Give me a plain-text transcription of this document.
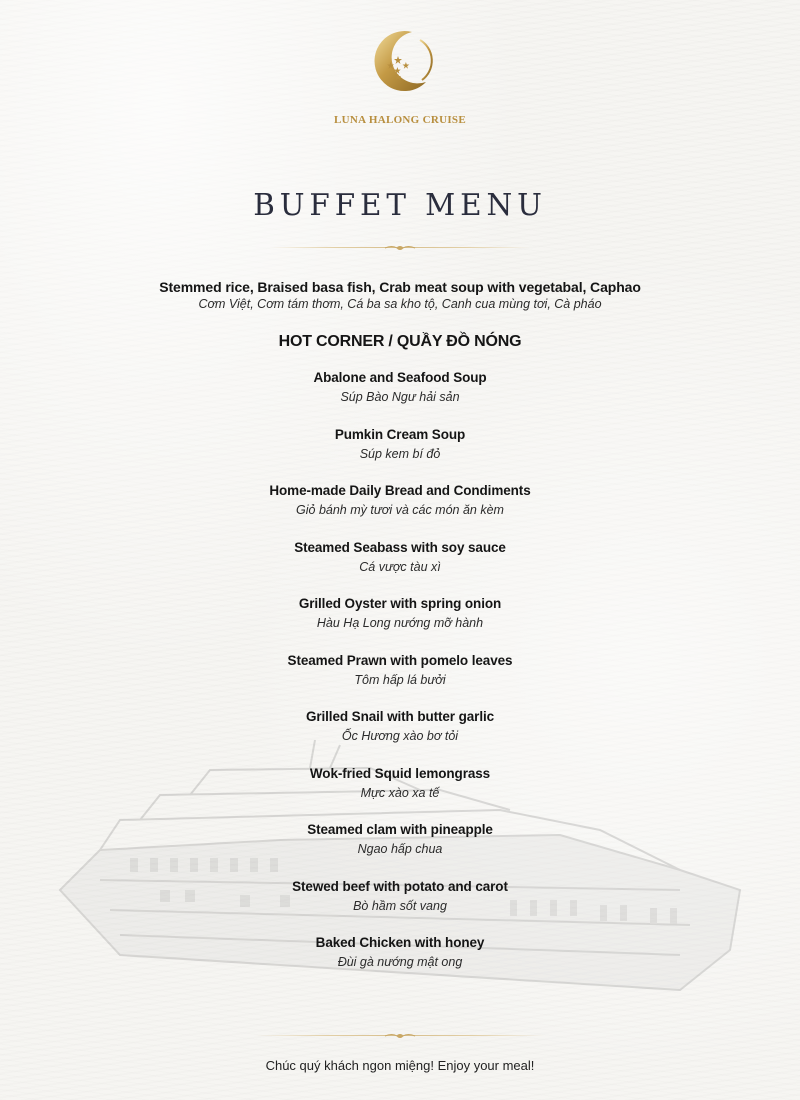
LUNA HALONG CRUISE
BUFFET MENU
Stemmed rice, Braised basa fish, Crab meat soup with vegetabal, Caphao
Cơm Việt, Cơm tám thơm, Cá ba sa kho tộ, Canh cua mùng tơi, Cà pháo
HOT CORNER / QUẦY ĐỒ NÓNG
Abalone and Seafood Soup
Súp Bào Ngư hải sản
Pumkin Cream Soup
Súp kem bí đỏ
Home-made Daily Bread and Condiments
Giỏ bánh mỳ tươi và các món ăn kèm
Steamed Seabass with soy sauce
Cá vược tàu xì
Grilled Oyster with spring onion
Hàu Hạ Long nướng mỡ hành
Steamed Prawn with pomelo leaves
Tôm hấp lá bưởi
Grilled Snail with butter garlic
Ốc Hương xào bơ tỏi
Wok-fried Squid lemongrass
Mực xào xa tế
Steamed clam with pineapple
Ngao hấp chua
Stewed beef with potato and carot
Bò hầm sốt vang
Baked Chicken with honey
Đùi gà nướng mật ong
Chúc quý khách ngon miệng! Enjoy your meal!
